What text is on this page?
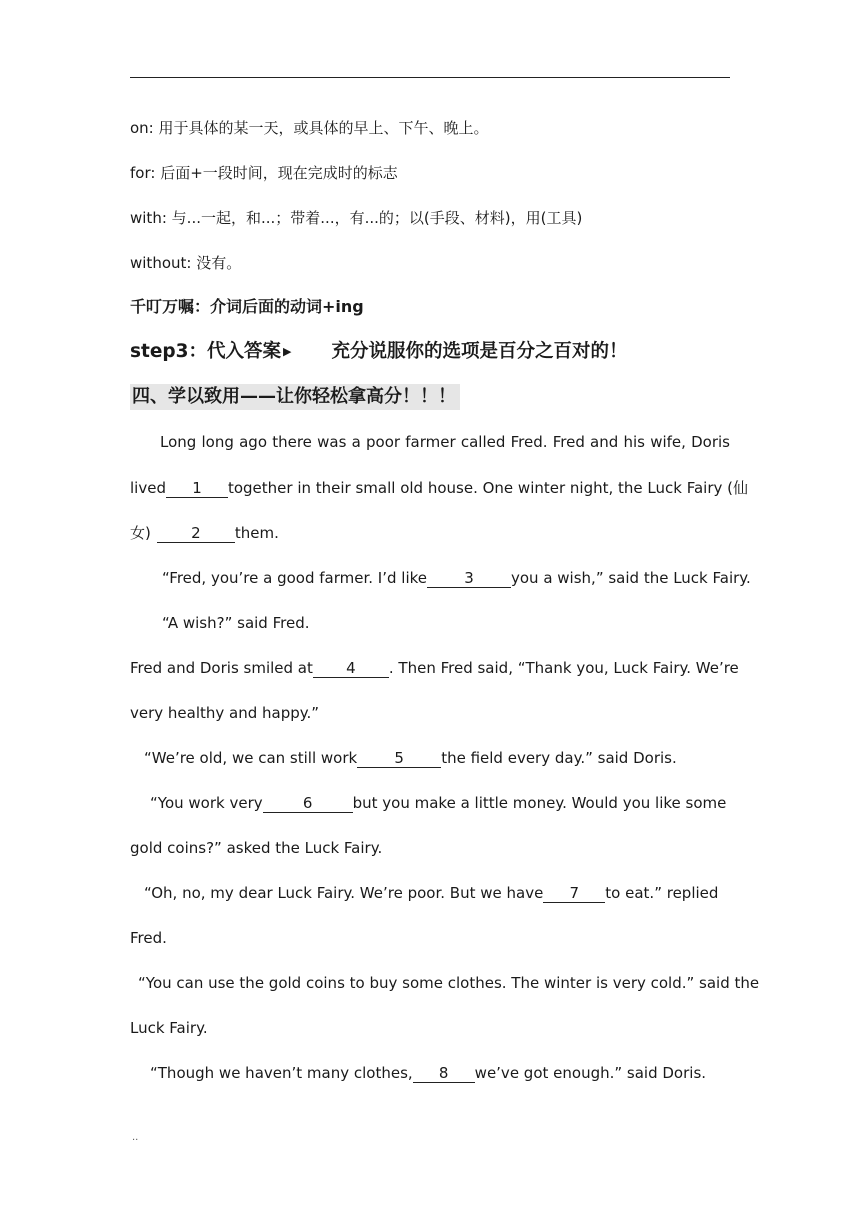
on: 用于具体的某一天，或具体的早上、下午、晚上。
for: 后面+一段时间，现在完成时的标志
with: 与...一起，和...；带着...，有...的；以(手段、材料)，用(工具)
without: 没有。
千叮万嘱：介词后面的动词+ing
step3：代入答案 ▶ 充分说服你的选项是百分之百对的！
四、学以致用——让你轻松拿高分！！！
Long long ago there was a poor farmer called Fred. Fred and his wife, Doris
lived 1 together in their small old house. One winter night, the Luck Fairy (仙
女)	2 them.
“Fred, you’re a good farmer. I’d like 3 you a wish,” said the Luck Fairy.
“A wish?” said Fred.
Fred and Doris smiled at 4 . Then Fred said, “Thank you, Luck Fairy. We’re
very healthy and happy.”
“We’re old, we can still work 5 the field every day.” said Doris.
“You work very	6	but you make a little money. Would you like some
gold coins?” asked the Luck Fairy.
“Oh, no, my dear Luck Fairy. We’re poor. But we have 7 to eat.” replied
Fred.
“You can use the gold coins to buy some clothes. The winter is very cold.” said the
Luck Fairy.
“Though we haven’t many clothes, 8 we’ve got enough.” said Doris.
..
